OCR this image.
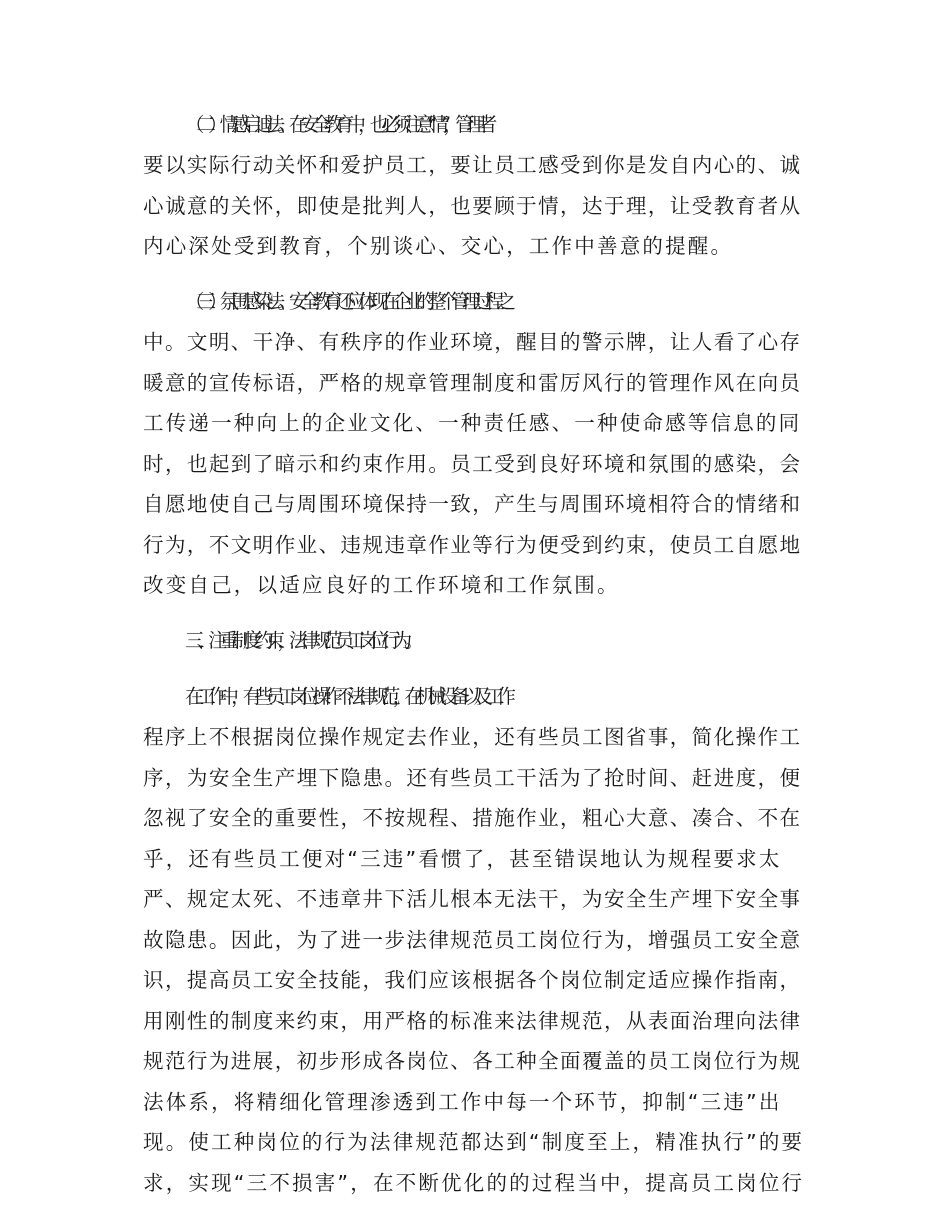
（二）情感启迪法。在安全教育中，也必须注意“情”，管理者

要以实际行动关怀和爱护员工，要让员工感受到你是发自内心的、诚

心诚意的关怀，即使是批判人，也要顾于情，达于理，让受教育者从

内心深处受到教育，个别谈心、交心，工作中善意的提醒。

（三）氛围感染法。安全教育还应体现在企业的整个管理过程之

中。文明、干净、有秩序的作业环境，醒目的警示牌，让人看了心存

暖意的宣传标语，严格的规章管理制度和雷厉风行的管理作风在向员

工传递一种向上的企业文化、一种责任感、一种使命感等信息的同

时，也起到了暗示和约束作用。员工受到良好环境和氛围的感染，会

自愿地使自己与周围环境保持一致，产生与周围环境相符合的情绪和

行为，不文明作业、违规违章作业等行为便受到约束，使员工自愿地

改变自己，以适应良好的工作环境和工作氛围。

三、注重制度约束，法律规范员工岗位行为。

在工作中，有些员工岗位操作不法律规范，在机械设备以及工作

程序上不根据岗位操作规定去作业，还有些员工图省事，简化操作工

序，为安全生产埋下隐患。还有些员工干活为了抢时间、赶进度，便

忽视了安全的重要性，不按规程、措施作业，粗心大意、凑合、不在

乎，还有些员工便对“三违”看惯了，甚至错误地认为规程要求太

严、规定太死、不违章井下活儿根本无法干，为安全生产埋下安全事

故隐患。因此，为了进一步法律规范员工岗位行为，增强员工安全意

识，提高员工安全技能，我们应该根据各个岗位制定适应操作指南，

用刚性的制度来约束，用严格的标准来法律规范，从表面治理向法律

规范行为进展，初步形成各岗位、各工种全面覆盖的员工岗位行为规

法体系，将精细化管理渗透到工作中每一个环节，抑制“三违”出

现。使工种岗位的行为法律规范都达到“制度至上，精准执行”的要

求，实现“三不损害”，在不断优化的的过程当中，提高员工岗位行
